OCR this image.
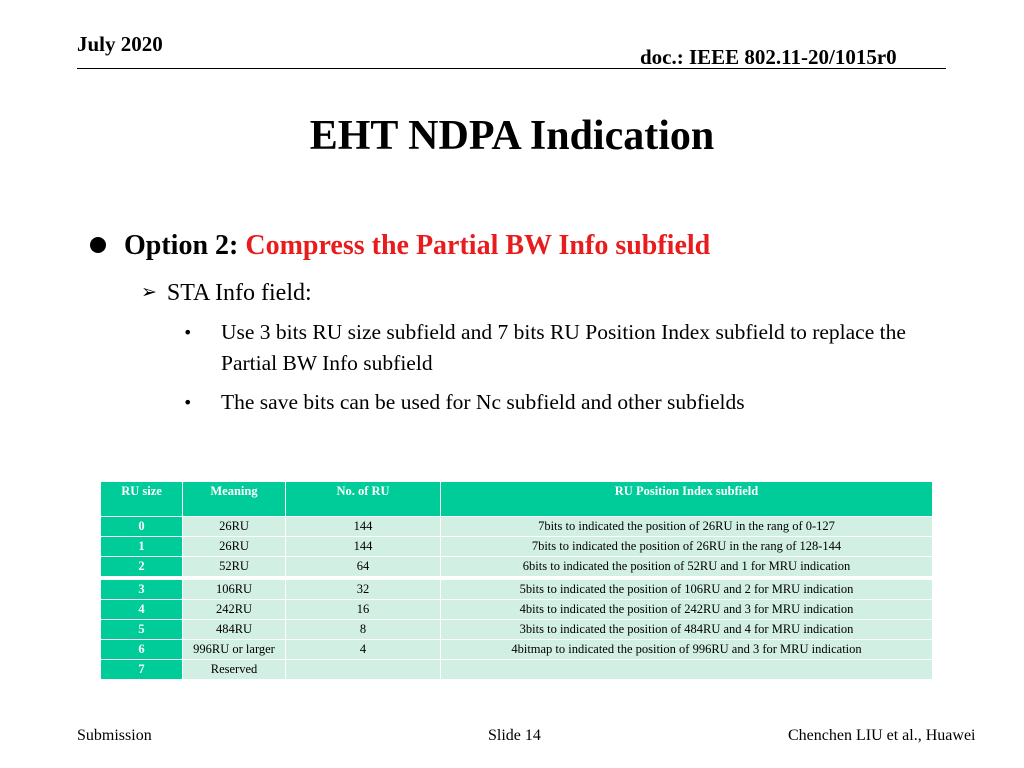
July 2020
doc.: IEEE 802.11-20/1015r0
EHT NDPA Indication
Option 2: Compress the Partial BW Info subfield
➢ STA Info field:
• Use 3 bits RU size subfield and 7 bits RU Position Index subfield to replace the Partial BW Info subfield
• The save bits can be used for Nc subfield and other subfields
RU size	Meaning	No. of RU	RU Position Index subfield
0	26RU	144	7bits to indicated the position of 26RU in the rang of 0-127
1	26RU	144	7bits to indicated the position of 26RU in the rang of 128-144
2	52RU	64	6bits to indicated the position of 52RU and 1 for MRU indication
3	106RU	32	5bits to indicated the position of 106RU and 2 for MRU indication
4	242RU	16	4bits to indicated the position of 242RU and 3 for MRU indication
5	484RU	8	3bits to indicated the position of 484RU and 4 for MRU indication
6	996RU or larger	4	4bitmap to indicated the position of 996RU and 3 for MRU indication
7	Reserved		
Submission	Slide 14	Chenchen LIU et al., Huawei
